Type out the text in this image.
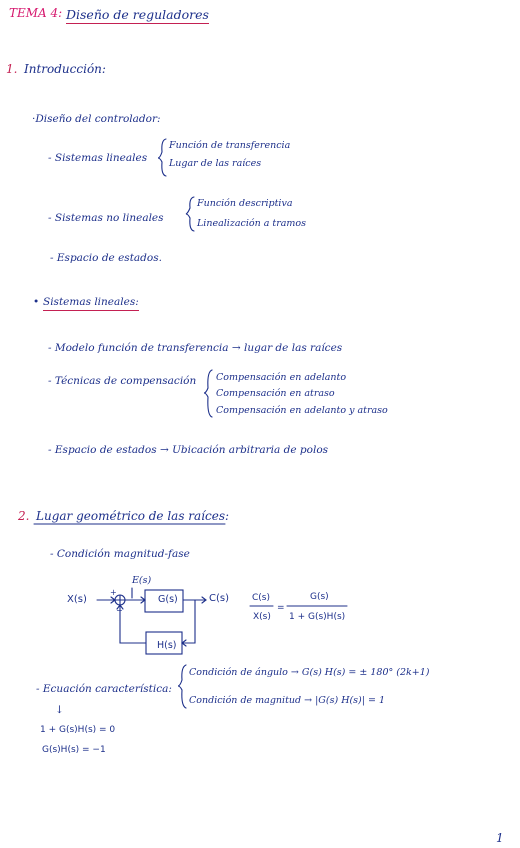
TEMA 4: Diseño de reguladores
1. Introducción:
·Diseño del controlador:
- Sistemas lineales
Función de transferencia
Lugar de las raíces
- Sistemas no lineales
Función descriptiva
Linealización a tramos
- Espacio de estados.
• Sistemas lineales:
- Modelo función de transferencia → lugar de las raíces
- Técnicas de compensación Compensación en adelanto
Compensación en atraso
Compensación en adelanto y atraso
- Espacio de estados → Ubicación arbitraria de polos
2. Lugar geométrico de las raíces:
- Condición magnitud-fase
E(s)
X(s)
+
−
G(s)	C(s)
H(s)
C(s)
X(s)
=
G(s)
1 + G(s)H(s)
- Ecuación característica:
Condición de ángulo → G(s) H(s) = ± 180° (2k+1)
Condición de magnitud → |G(s) H(s)| = 1
↓
1 + G(s)H(s) = 0
G(s)H(s) = −1
1
